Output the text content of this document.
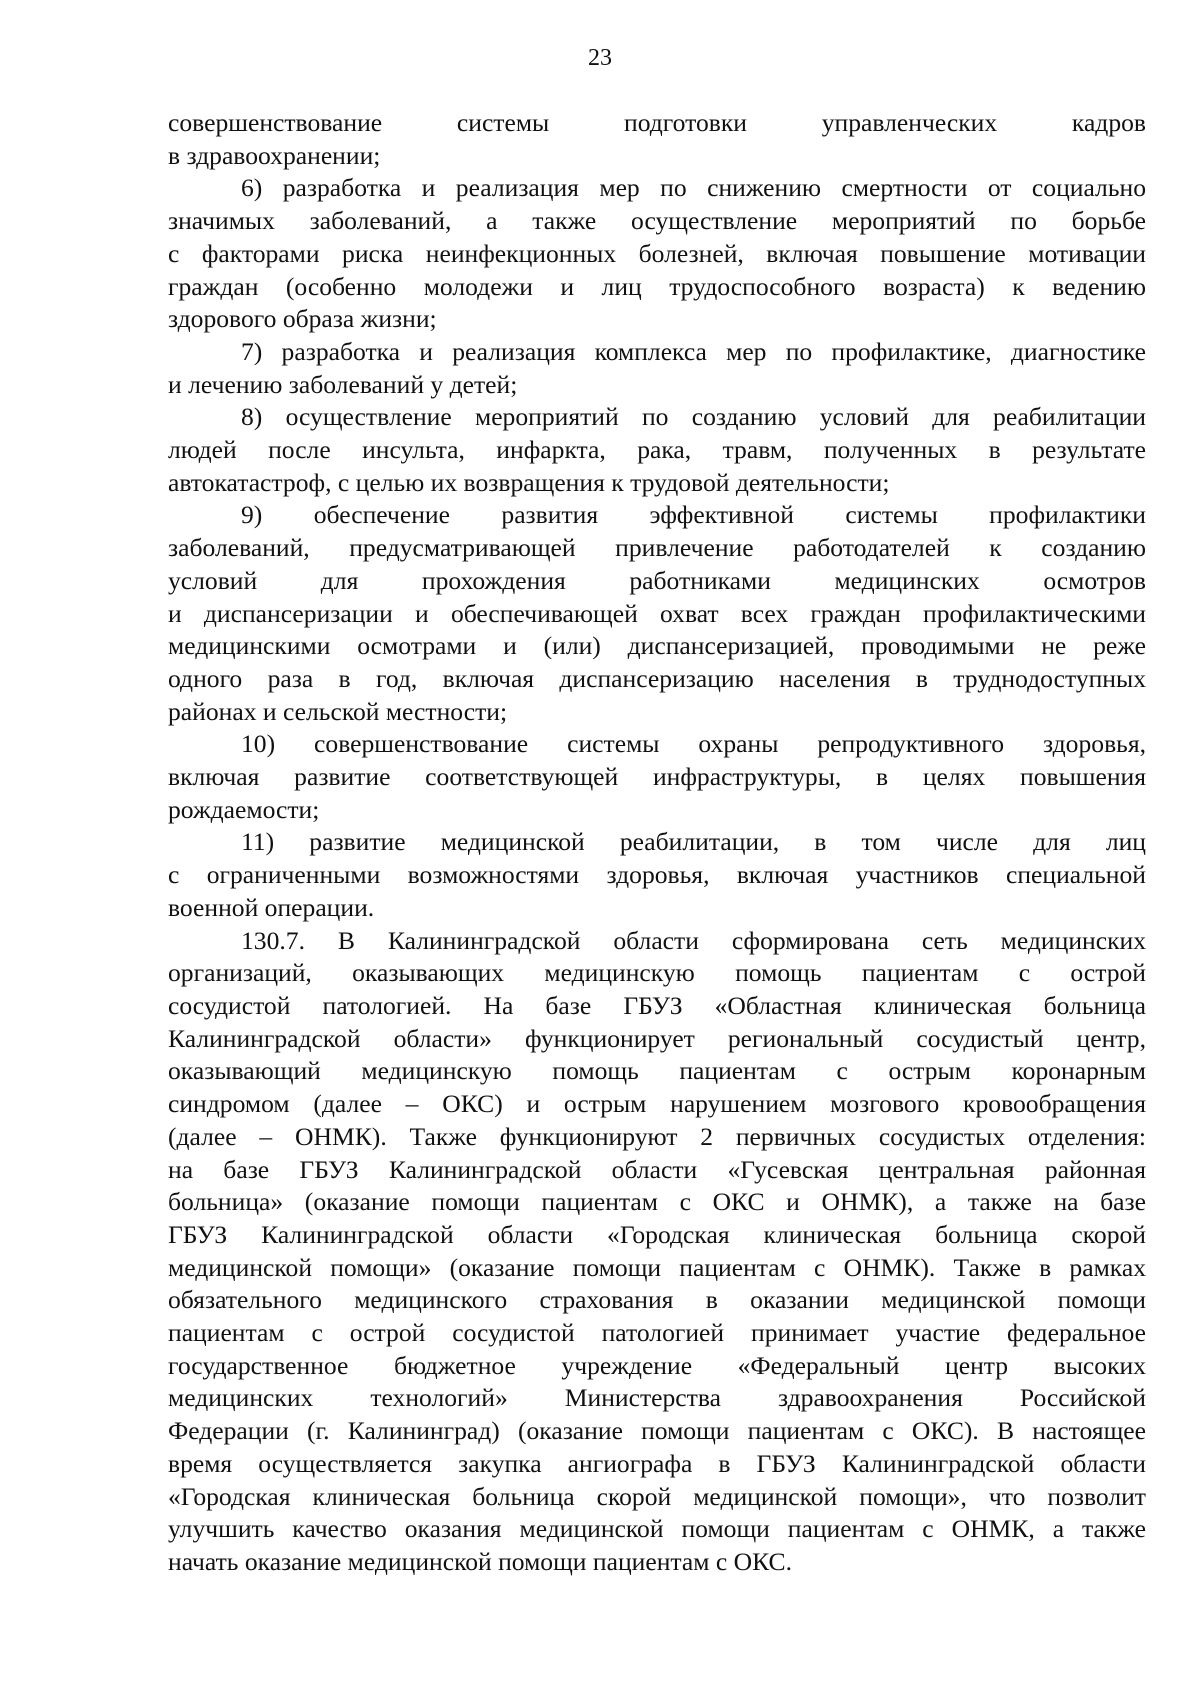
23
совершенствование системы подготовки управленческих кадров
в здравоохранении;
6) разработка и реализация мер по снижению смертности от социально
значимых заболеваний, а также осуществление мероприятий по борьбе
с факторами риска неинфекционных болезней, включая повышение мотивации
граждан (особенно молодежи и лиц трудоспособного возраста) к ведению
здорового образа жизни;
7) разработка и реализация комплекса мер по профилактике, диагностике
и лечению заболеваний у детей;
8) осуществление мероприятий по созданию условий для реабилитации
людей после инсульта, инфаркта, рака, травм, полученных в результате
автокатастроф, с целью их возвращения к трудовой деятельности;
9) обеспечение развития эффективной системы профилактики
заболеваний, предусматривающей привлечение работодателей к созданию
условий для прохождения работниками медицинских осмотров
и диспансеризации и обеспечивающей охват всех граждан профилактическими
медицинскими осмотрами и (или) диспансеризацией, проводимыми не реже
одного раза в год, включая диспансеризацию населения в труднодоступных
районах и сельской местности;
10) совершенствование системы охраны репродуктивного здоровья,
включая развитие соответствующей инфраструктуры, в целях повышения
рождаемости;
11) развитие медицинской реабилитации, в том числе для лиц
с ограниченными возможностями здоровья, включая участников специальной
военной операции.
130.7. В Калининградской области сформирована сеть медицинских
организаций, оказывающих медицинскую помощь пациентам с острой
сосудистой патологией. На базе ГБУЗ «Областная клиническая больница
Калининградской области» функционирует региональный сосудистый центр,
оказывающий медицинскую помощь пациентам с острым коронарным
синдромом (далее – ОКС) и острым нарушением мозгового кровообращения
(далее – ОНМК). Также функционируют 2 первичных сосудистых отделения:
на базе ГБУЗ Калининградской области «Гусевская центральная районная
больница» (оказание помощи пациентам с ОКС и ОНМК), а также на базе
ГБУЗ Калининградской области «Городская клиническая больница скорой
медицинской помощи» (оказание помощи пациентам с ОНМК). Также в рамках
обязательного медицинского страхования в оказании медицинской помощи
пациентам с острой сосудистой патологией принимает участие федеральное
государственное бюджетное учреждение «Федеральный центр высоких
медицинских технологий» Министерства здравоохранения Российской
Федерации (г. Калининград) (оказание помощи пациентам с ОКС). В настоящее
время осуществляется закупка ангиографа в ГБУЗ Калининградской области
«Городская клиническая больница скорой медицинской помощи», что позволит
улучшить качество оказания медицинской помощи пациентам с ОНМК, а также
начать оказание медицинской помощи пациентам с ОКС.
